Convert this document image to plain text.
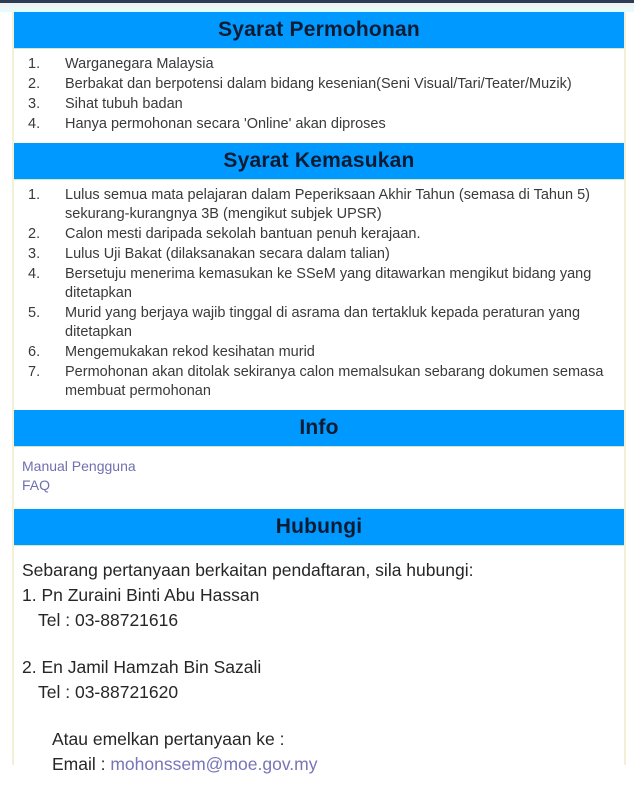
Syarat Permohonan
1.	Warganegara Malaysia
2.	Berbakat dan berpotensi dalam bidang kesenian(Seni Visual/Tari/Teater/Muzik)
3.	Sihat tubuh badan
4.	Hanya permohonan secara 'Online' akan diproses
Syarat Kemasukan
1.	Lulus semua mata pelajaran dalam Peperiksaan Akhir Tahun (semasa di Tahun 5) sekurang-kurangnya 3B (mengikut subjek UPSR)
2.	Calon mesti daripada sekolah bantuan penuh kerajaan.
3.	Lulus Uji Bakat (dilaksanakan secara dalam talian)
4.	Bersetuju menerima kemasukan ke SSeM yang ditawarkan mengikut bidang yang ditetapkan
5.	Murid yang berjaya wajib tinggal di asrama dan tertakluk kepada peraturan yang ditetapkan
6.	Mengemukakan rekod kesihatan murid
7.	Permohonan akan ditolak sekiranya calon memalsukan sebarang dokumen semasa membuat permohonan
Info
Manual Pengguna
FAQ
Hubungi
Sebarang pertanyaan berkaitan pendaftaran, sila hubungi:
1. Pn Zuraini Binti Abu Hassan
Tel : 03-88721616
2. En Jamil Hamzah Bin Sazali
Tel : 03-88721620
Atau emelkan pertanyaan ke :
Email : mohonssem@moe.gov.my
